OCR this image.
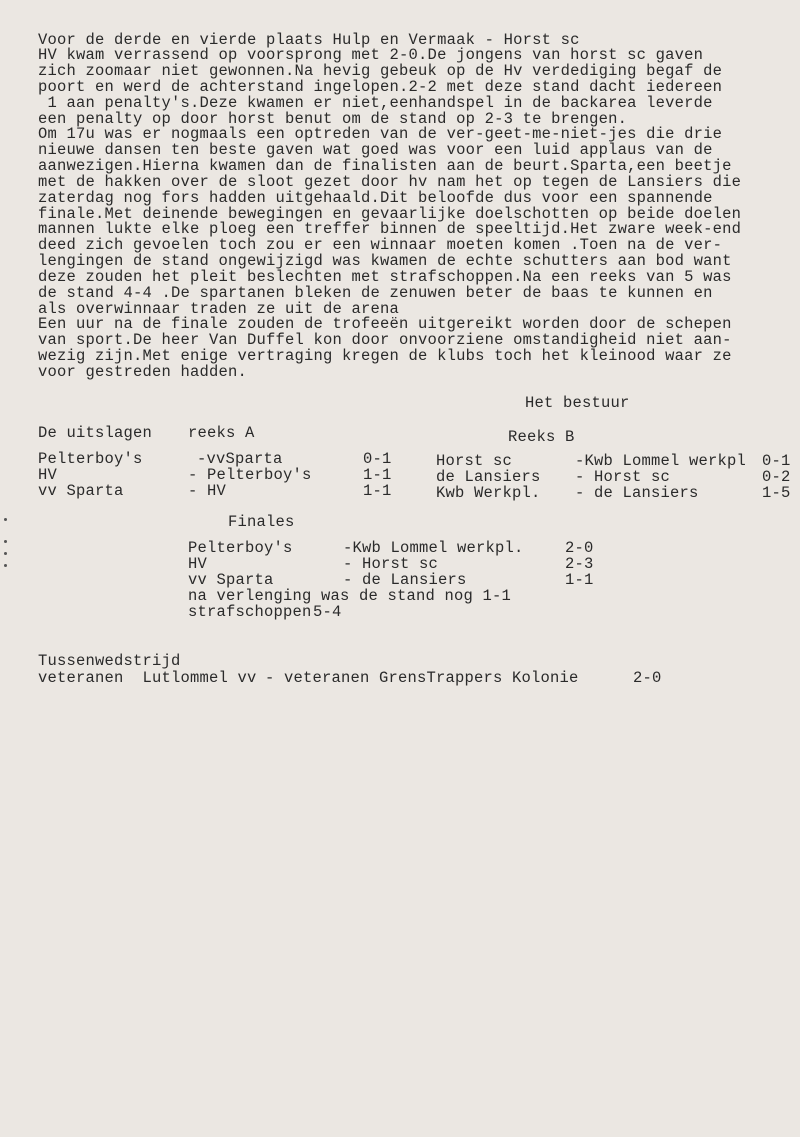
Voor de derde en vierde plaats Hulp en Vermaak - Horst sc
HV kwam verrassend op voorsprong met 2-0.De jongens van horst sc gaven
zich zoomaar niet gewonnen.Na hevig gebeuk op de Hv verdediging begaf de
poort en werd de achterstand ingelopen.2-2 met deze stand dacht iedereen
1 aan penalty's.Deze kwamen er niet,eenhandspel in de backarea leverde
een penalty op door horst benut om de stand op 2-3 te brengen.
Om 17u was er nogmaals een optreden van de ver-geet-me-niet-jes die drie
nieuwe dansen ten beste gaven wat goed was voor een luid applaus van de
aanwezigen.Hierna kwamen dan de finalisten aan de beurt.Sparta,een beetje
met de hakken over de sloot gezet door hv nam het op tegen de Lansiers die
zaterdag nog fors hadden uitgehaald.Dit beloofde dus voor een spannende
finale.Met deinende bewegingen en gevaarlijke doelschotten op beide doelen
mannen lukte elke ploeg een treffer binnen de speeltijd.Het zware week-end
deed zich gevoelen toch zou er een winnaar moeten komen .Toen na de ver-
lengingen de stand ongewijzigd was kwamen de echte schutters aan bod want
deze zouden het pleit beslechten met strafschoppen.Na een reeks van 5 was
de stand 4-4 .De spartanen bleken de zenuwen beter de baas te kunnen en
als overwinnaar traden ze uit de arena
Een uur na de finale zouden de trofeeën uitgereikt worden door de schepen
van sport.De heer Van Duffel kon door onvoorziene omstandigheid niet aan-
wezig zijn.Met enige vertraging kregen de klubs toch het kleinood waar ze
voor gestreden hadden.
Het bestuur
De uitslagen reeks A	Reeks B
Pelterboy's	-vvSparta	0-1
HV	- Pelterboy's	1-1
vv Sparta	- HV	1-1
Horst sc	-Kwb Lommel werkpl 0-1
de Lansiers - Horst sc	0-2
Kwb Werkpl. - de Lansiers	1-5
Finales
Pelterboy's	-Kwb Lommel werkpl.	2-0
HV	- Horst sc	2-3
vv Sparta	- de Lansiers	1-1
na verlenging was de stand nog 1-1
strafschoppen 5-4
Tussenwedstrijd
veteranen  Lutlommel vv - veteranen GrensTrappers Kolonie	2-0
